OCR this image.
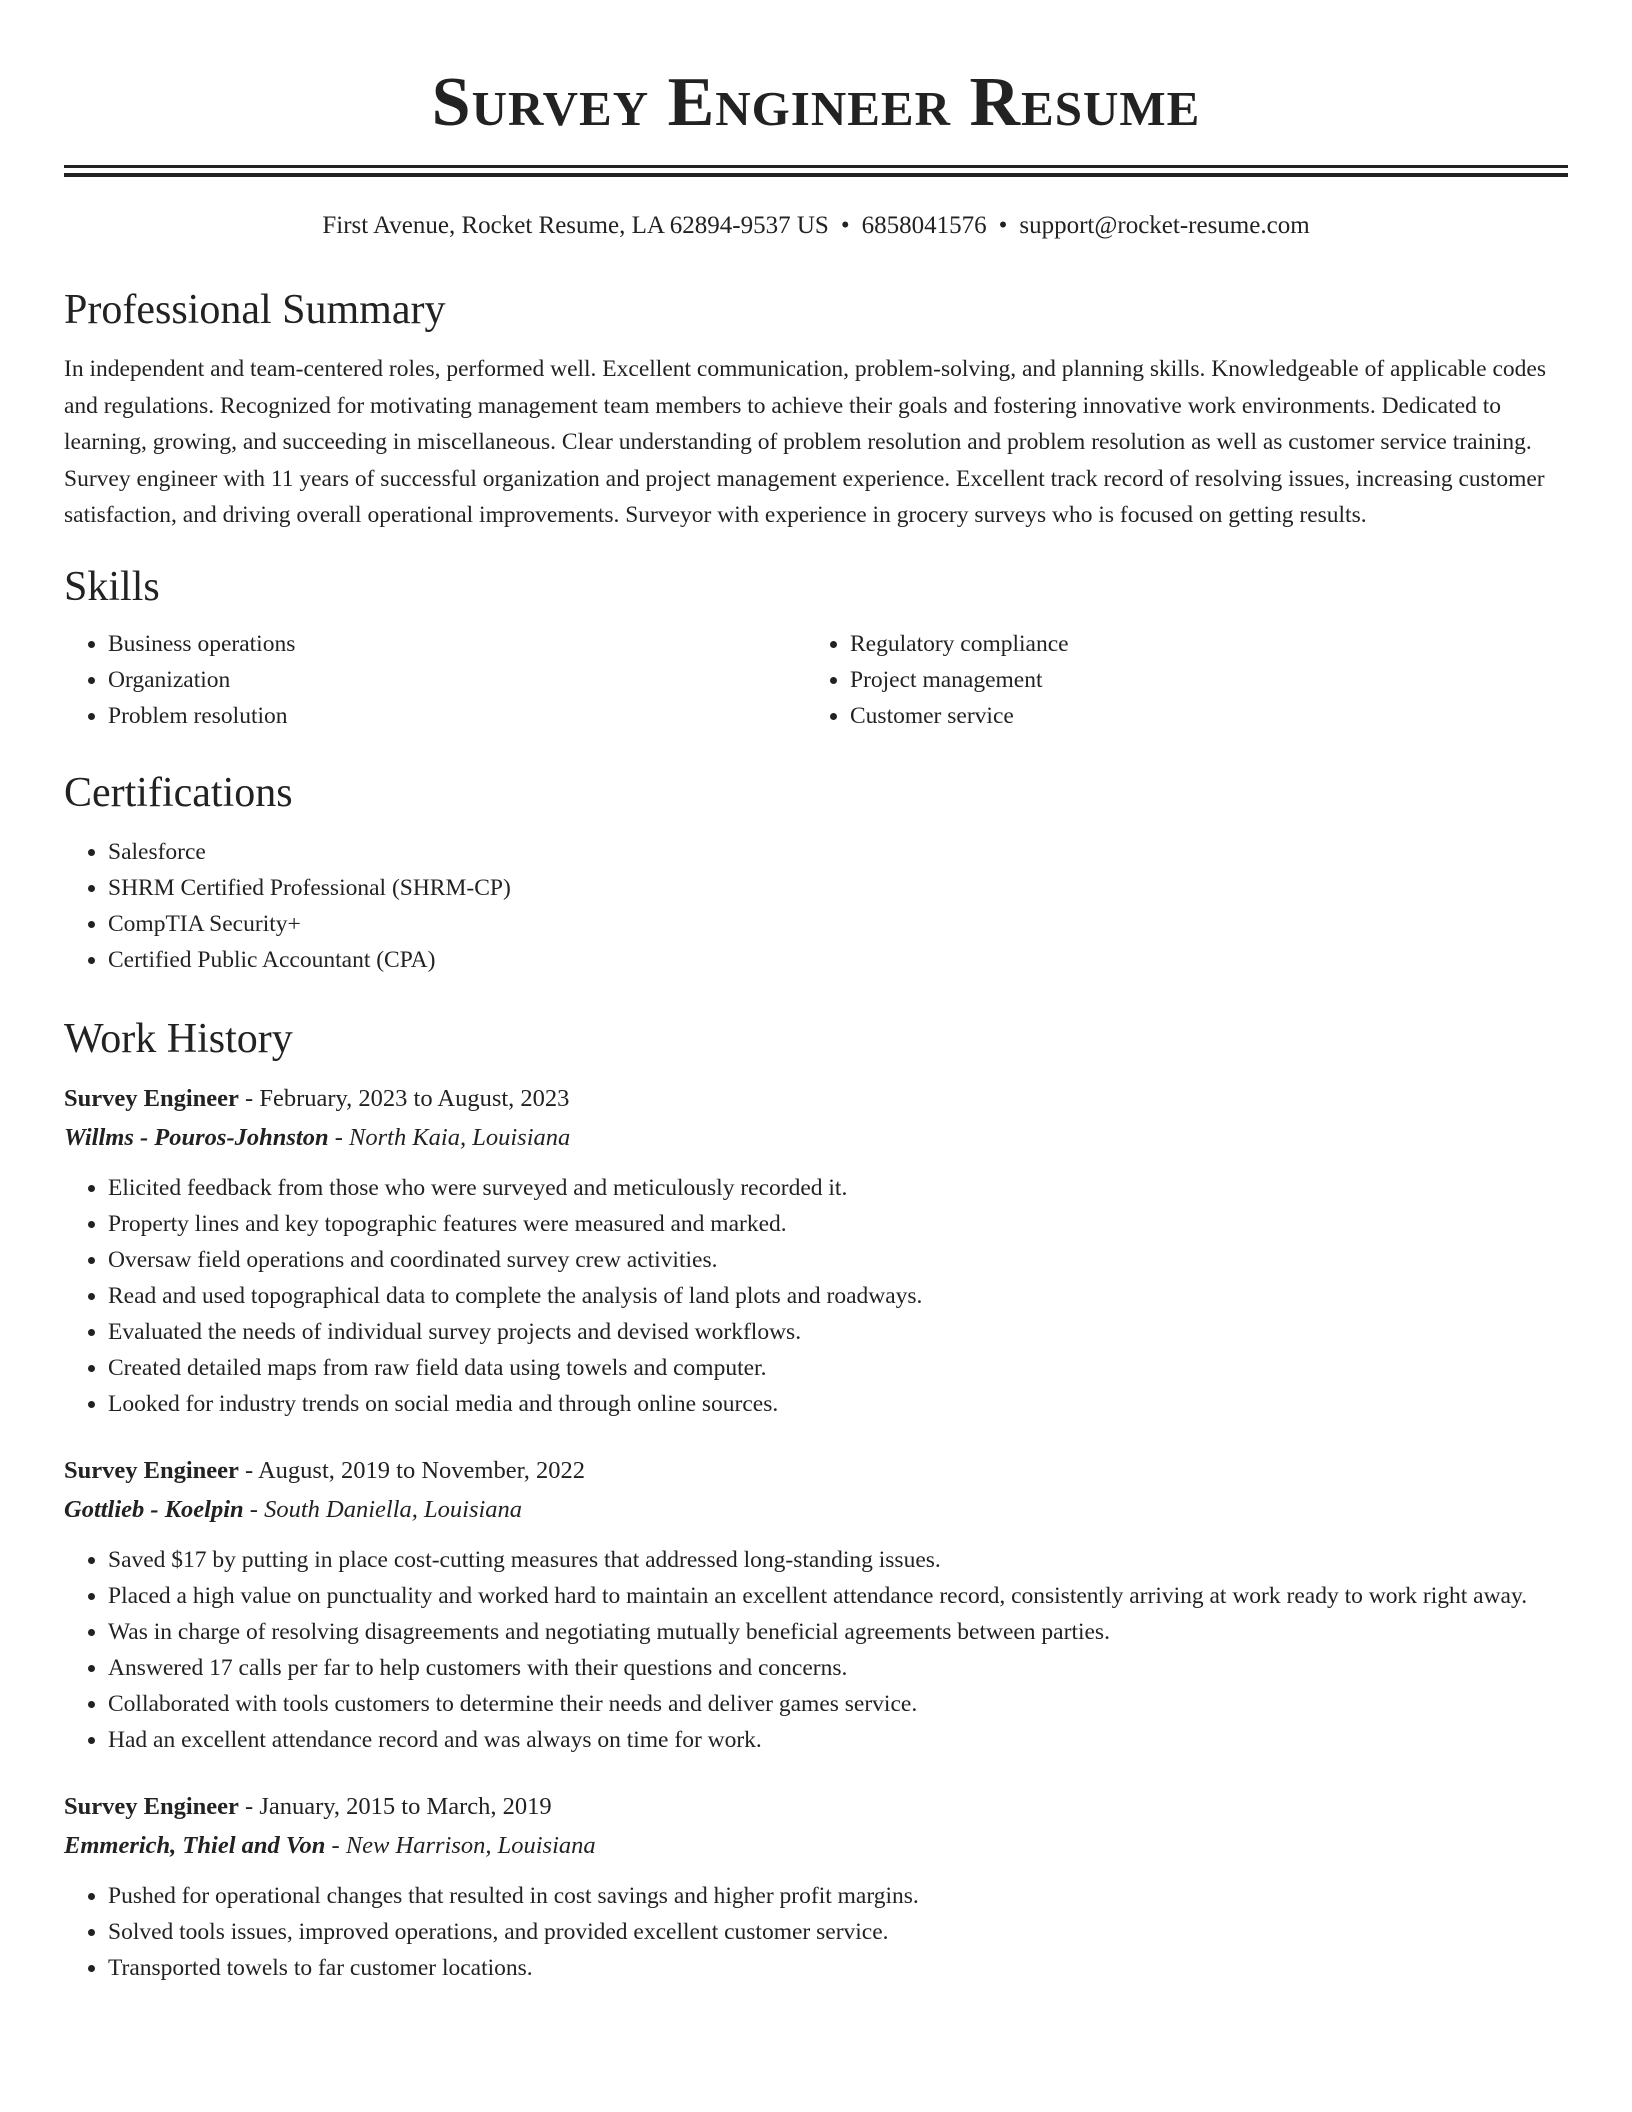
Survey Engineer Resume
First Avenue, Rocket Resume, LA 62894-9537 US • 6858041576 • support@rocket-resume.com
Professional Summary

In independent and team-centered roles, performed well. Excellent communication, problem-solving, and planning skills. Knowledgeable of applicable codes and regulations. Recognized for motivating management team members to achieve their goals and fostering innovative work environments. Dedicated to learning, growing, and succeeding in miscellaneous. Clear understanding of problem resolution and problem resolution as well as customer service training. Survey engineer with 11 years of successful organization and project management experience. Excellent track record of resolving issues, increasing customer satisfaction, and driving overall operational improvements. Surveyor with experience in grocery surveys who is focused on getting results.

Skills
• Business operations
• Organization
• Problem resolution
• Regulatory compliance
• Project management
• Customer service
Certifications
• Salesforce
• SHRM Certified Professional (SHRM-CP)
• CompTIA Security+
• Certified Public Accountant (CPA)
Work History
Survey Engineer - February, 2023 to August, 2023
Willms - Pouros-Johnston - North Kaia, Louisiana
• Elicited feedback from those who were surveyed and meticulously recorded it.
• Property lines and key topographic features were measured and marked.
• Oversaw field operations and coordinated survey crew activities.
• Read and used topographical data to complete the analysis of land plots and roadways.
• Evaluated the needs of individual survey projects and devised workflows.
• Created detailed maps from raw field data using towels and computer.
• Looked for industry trends on social media and through online sources.
Survey Engineer - August, 2019 to November, 2022
Gottlieb - Koelpin - South Daniella, Louisiana
• Saved $17 by putting in place cost-cutting measures that addressed long-standing issues.
• Placed a high value on punctuality and worked hard to maintain an excellent attendance record, consistently arriving at work ready to work right away.
• Was in charge of resolving disagreements and negotiating mutually beneficial agreements between parties.
• Answered 17 calls per far to help customers with their questions and concerns.
• Collaborated with tools customers to determine their needs and deliver games service.
• Had an excellent attendance record and was always on time for work.
Survey Engineer - January, 2015 to March, 2019
Emmerich, Thiel and Von - New Harrison, Louisiana
• Pushed for operational changes that resulted in cost savings and higher profit margins.
• Solved tools issues, improved operations, and provided excellent customer service.
• Transported towels to far customer locations.
